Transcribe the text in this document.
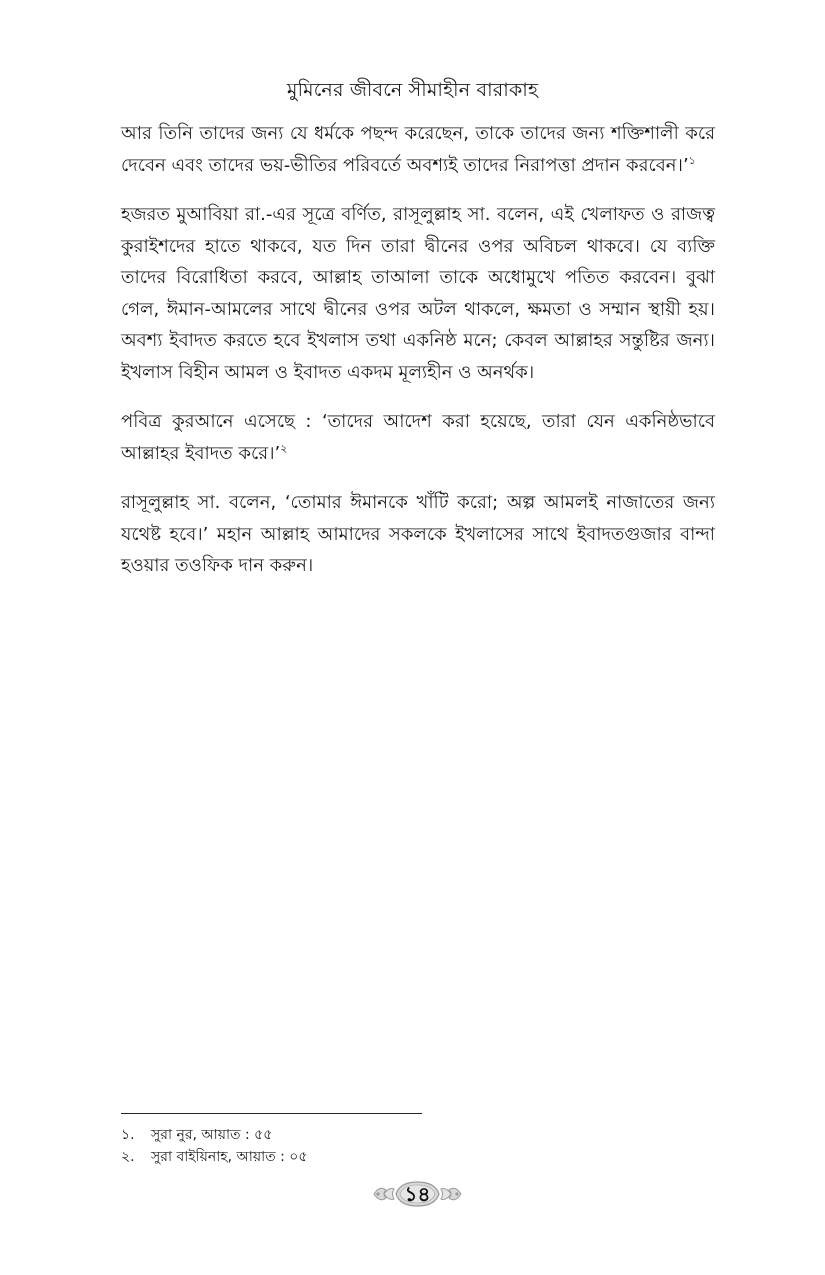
মুমিনের জীবনে সীমাহীন বারাকাহ

আর তিনি তাদের জন্য যে ধর্মকে পছন্দ করেছেন, তাকে তাদের জন্য শক্তিশালী করে দেবেন এবং তাদের ভয়-ভীতির পরিবর্তে অবশ্যই তাদের নিরাপত্তা প্রদান করবেন।’$^১$

হজরত মুআবিয়া রা.-এর সূত্রে বর্ণিত, রাসূলুল্লাহ সা. বলেন, এই খেলাফত ও রাজত্ব কুরাইশদের হাতে থাকবে, যত দিন তারা দ্বীনের ওপর অবিচল থাকবে। যে ব্যক্তি তাদের বিরোধিতা করবে, আল্লাহ তাআলা তাকে অধোমুখে পতিত করবেন। বুঝা গেল, ঈমান-আমলের সাথে দ্বীনের ওপর অটল থাকলে, ক্ষমতা ও সম্মান স্থায়ী হয়। অবশ্য ইবাদত করতে হবে ইখলাস তথা একনিষ্ঠ মনে; কেবল আল্লাহর সন্তুষ্টির জন্য। ইখলাস বিহীন আমল ও ইবাদত একদম মূল্যহীন ও অনর্থক।

পবিত্র কুরআনে এসেছে : ‘তাদের আদেশ করা হয়েছে, তারা যেন একনিষ্ঠভাবে আল্লাহর ইবাদত করে।’$^২$

রাসূলুল্লাহ সা. বলেন, ‘তোমার ঈমানকে খাঁটি করো; অল্প আমলই নাজাতের জন্য যথেষ্ট হবে।’ মহান আল্লাহ আমাদের সকলকে ইখলাসের সাথে ইবাদতগুজার বান্দা হওয়ার তওফিক দান করুন।

১.	সুরা নুর, আয়াত : ৫৫
২.	সুরা বাইয়িনাহ, আয়াত : ০৫
১৪
